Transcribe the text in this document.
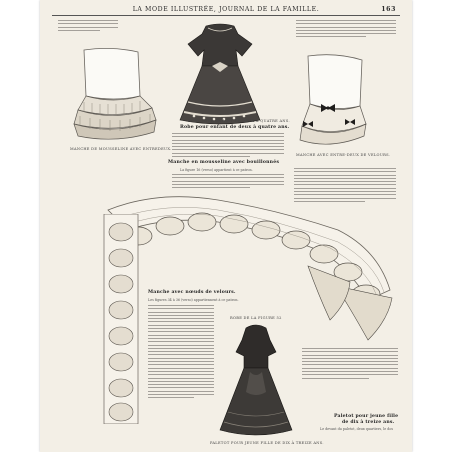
LA MODE ILLUSTRÉE, JOURNAL DE LA FAMILLE.	163
MANCHE DE MOUSSELINE AVEC ENTREDEUX.
ROBE POUR ENFANT DE DEUX À QUATRE ANS.
MANCHE AVEC ENTRE-DEUX DE VELOURS.
Robe pour enfant de deux à quatre ans.
Manche en mousseline avec bouillonnés
La figure 16 (verso) appartient à ce patron.
Manche avec nœuds de velours.
Les figures 34 à 36 (verso) appartiennent à ce patron.
ROBE DE LA FIGURE 52
PALETOT POUR JEUNE FILLE DE DIX À TREIZE ANS.
Paletot pour jeune fille
de dix à treize ans.
Le devant du paletot, deux quartiers, le dos
